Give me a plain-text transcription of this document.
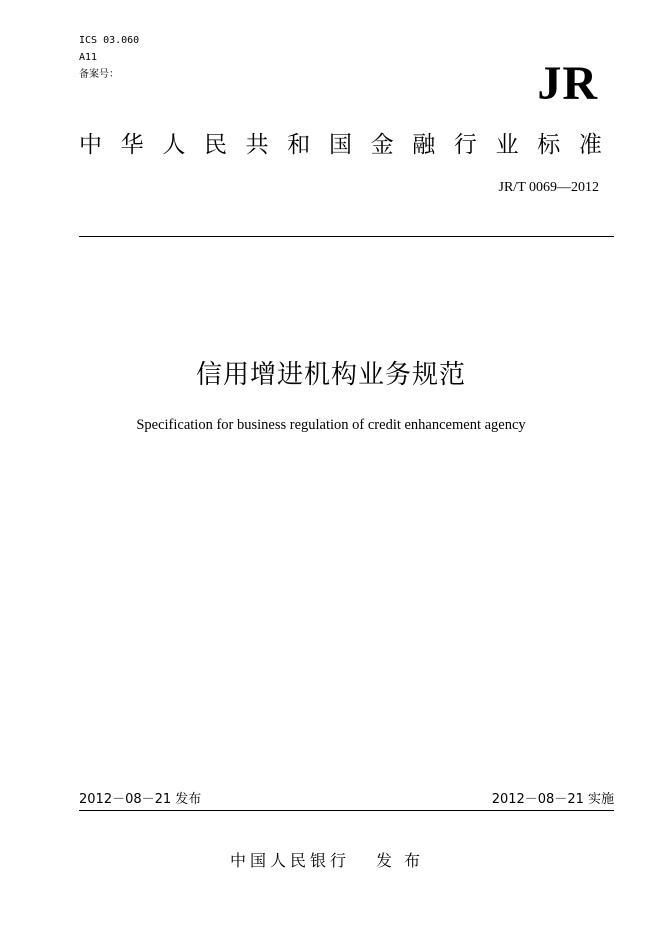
ICS 03.060
A11
备案号：	JR
中 华 人 民 共 和 国 金 融 行 业 标 准
JR/T 0069—2012
信用增进机构业务规范
Specification for business regulation of credit enhancement agency
2012－08－21 发布	2012－08－21 实施
中国人民银行 发布
